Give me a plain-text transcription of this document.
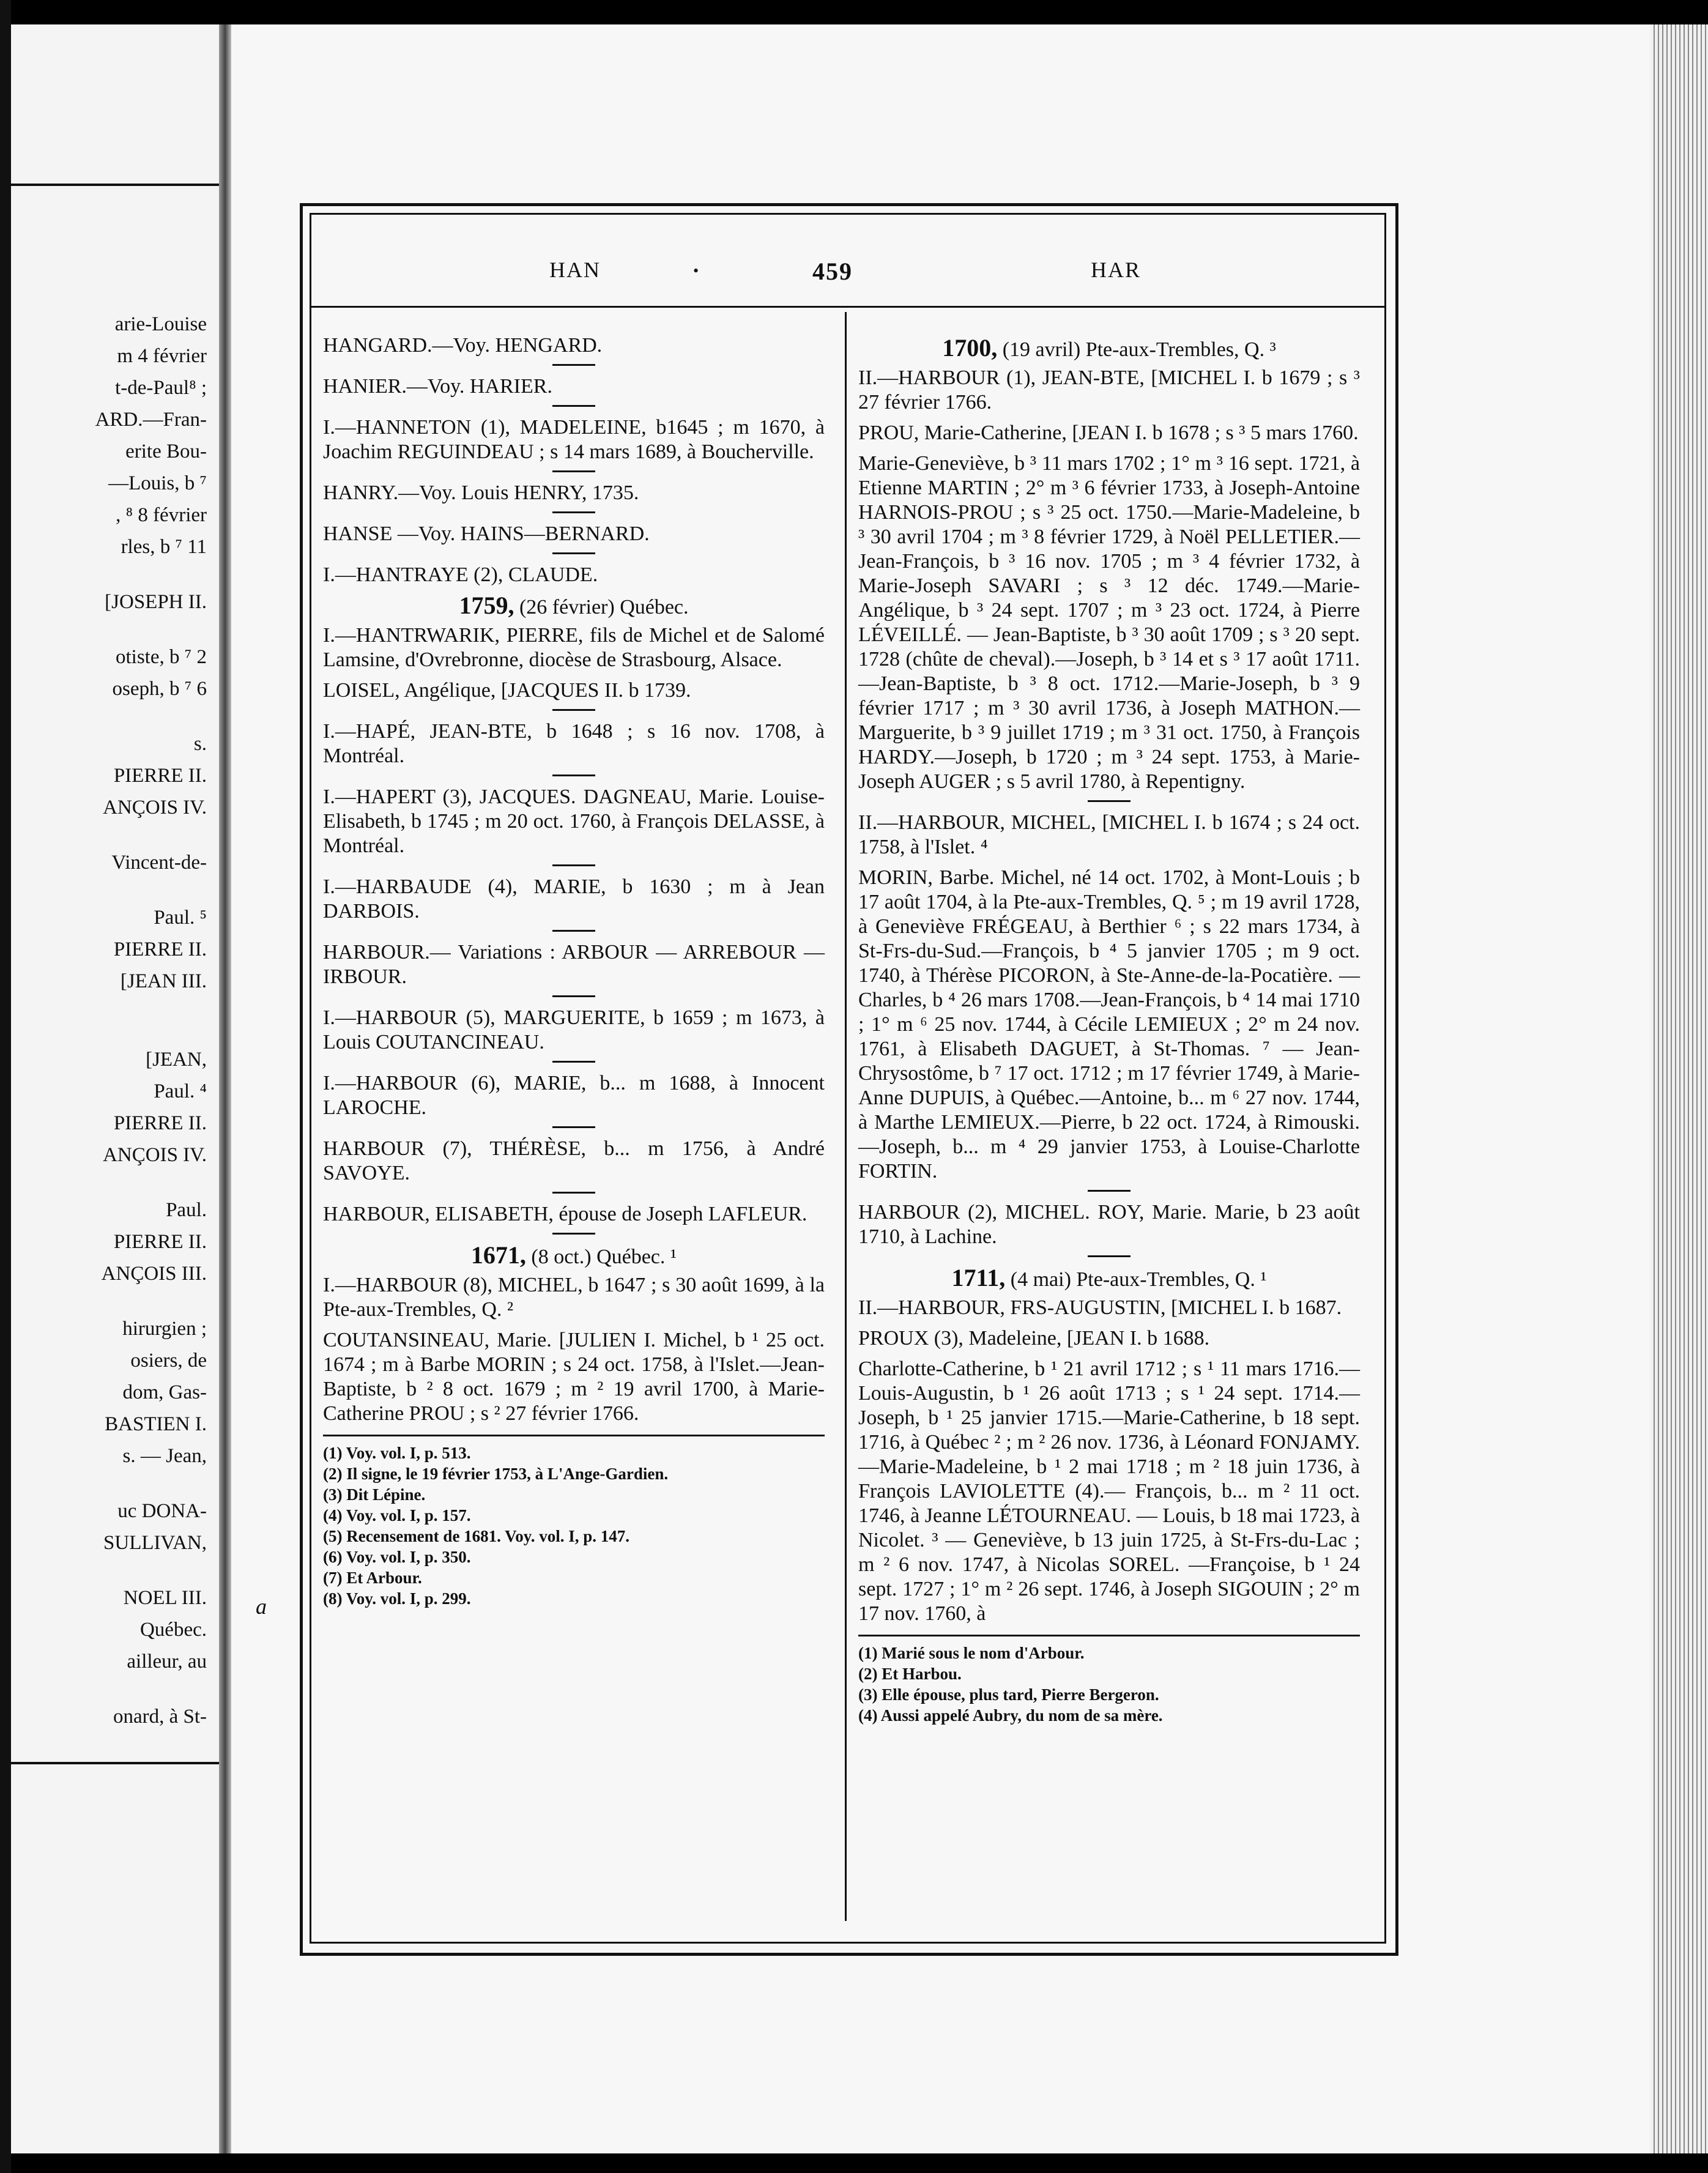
arie-Louise
m 4 février
t-de-Paul⁸ ;
ARD.—Fran-
erite Bou-
—Louis, b ⁷
, ⁸ 8 février
rles, b ⁷ 11
[JOSEPH II.
otiste, b ⁷ 2
oseph, b ⁷ 6
s.
PIERRE II.
ANÇOIS IV.
Vincent-de-
Paul. ⁵
PIERRE II.
[JEAN III.
[JEAN,
Paul. ⁴
PIERRE II.
ANÇOIS IV.
Paul.
PIERRE II.
ANÇOIS III.
hirurgien ;
osiers, de
dom, Gas-
BASTIEN I.
s. — Jean,
uc DONA-
SULLIVAN,
NOEL III.
Québec.
ailleur, au
onard, à St-
HAN	•	459	HAR

HANGARD.—Voy. HENGARD.

HANIER.—Voy. HARIER.

I.—HANNETON (1), MADELEINE, b1645 ; m 1670, à Joachim REGUINDEAU ; s 14 mars 1689, à Boucherville.

HANRY.—Voy. Louis HENRY, 1735.

HANSE —Voy. HAINS—BERNARD.

I.—HANTRAYE (2), CLAUDE.

1759, (26 février) Québec.

I.—HANTRWARIK, PIERRE, fils de Michel et de Salomé Lamsine, d'Ovrebronne, diocèse de Strasbourg, Alsace.

LOISEL, Angélique, [JACQUES II. b 1739.

I.—HAPÉ, JEAN-BTE, b 1648 ; s 16 nov. 1708, à Montréal.

I.—HAPERT (3), JACQUES. DAGNEAU, Marie. Louise-Elisabeth, b 1745 ; m 20 oct. 1760, à François DELASSE, à Montréal.

I.—HARBAUDE (4), MARIE, b 1630 ; m à Jean DARBOIS.

HARBOUR.— Variations : ARBOUR — ARREBOUR —IRBOUR.

I.—HARBOUR (5), MARGUERITE, b 1659 ; m 1673, à Louis COUTANCINEAU.

I.—HARBOUR (6), MARIE, b... m 1688, à Innocent LAROCHE.

HARBOUR (7), THÉRÈSE, b... m 1756, à André SAVOYE.

HARBOUR, ELISABETH, épouse de Joseph LAFLEUR.

1671, (8 oct.) Québec. ¹

I.—HARBOUR (8), MICHEL, b 1647 ; s 30 août 1699, à la Pte-aux-Trembles, Q. ²

COUTANSINEAU, Marie. [JULIEN I. Michel, b ¹ 25 oct. 1674 ; m à Barbe MORIN ; s 24 oct. 1758, à l'Islet.—Jean-Baptiste, b ² 8 oct. 1679 ; m ² 19 avril 1700, à Marie-Catherine PROU ; s ² 27 février 1766.

(1) Voy. vol. I, p. 513.

(2) Il signe, le 19 février 1753, à L'Ange-Gardien.

(3) Dit Lépine.

(4) Voy. vol. I, p. 157.

(5) Recensement de 1681. Voy. vol. I, p. 147.

(6) Voy. vol. I, p. 350.

(7) Et Arbour.

(8) Voy. vol. I, p. 299.

1700, (19 avril) Pte-aux-Trembles, Q. ³

II.—HARBOUR (1), JEAN-BTE, [MICHEL I. b 1679 ; s ³ 27 février 1766.

PROU, Marie-Catherine, [JEAN I. b 1678 ; s ³ 5 mars 1760.

Marie-Geneviève, b ³ 11 mars 1702 ; 1° m ³ 16 sept. 1721, à Etienne MARTIN ; 2° m ³ 6 février 1733, à Joseph-Antoine HARNOIS-PROU ; s ³ 25 oct. 1750.—Marie-Madeleine, b ³ 30 avril 1704 ; m ³ 8 février 1729, à Noël PELLETIER.—Jean-François, b ³ 16 nov. 1705 ; m ³ 4 février 1732, à Marie-Joseph SAVARI ; s ³ 12 déc. 1749.—Marie-Angélique, b ³ 24 sept. 1707 ; m ³ 23 oct. 1724, à Pierre LÉVEILLÉ. — Jean-Baptiste, b ³ 30 août 1709 ; s ³ 20 sept. 1728 (chûte de cheval).—Joseph, b ³ 14 et s ³ 17 août 1711.—Jean-Baptiste, b ³ 8 oct. 1712.—Marie-Joseph, b ³ 9 février 1717 ; m ³ 30 avril 1736, à Joseph MATHON.—Marguerite, b ³ 9 juillet 1719 ; m ³ 31 oct. 1750, à François HARDY.—Joseph, b 1720 ; m ³ 24 sept. 1753, à Marie-Joseph AUGER ; s 5 avril 1780, à Repentigny.

II.—HARBOUR, MICHEL, [MICHEL I. b 1674 ; s 24 oct. 1758, à l'Islet. ⁴

MORIN, Barbe. Michel, né 14 oct. 1702, à Mont-Louis ; b 17 août 1704, à la Pte-aux-Trembles, Q. ⁵ ; m 19 avril 1728, à Geneviève FRÉGEAU, à Berthier ⁶ ; s 22 mars 1734, à St-Frs-du-Sud.—François, b ⁴ 5 janvier 1705 ; m 9 oct. 1740, à Thérèse PICORON, à Ste-Anne-de-la-Pocatière. — Charles, b ⁴ 26 mars 1708.—Jean-François, b ⁴ 14 mai 1710 ; 1° m ⁶ 25 nov. 1744, à Cécile LEMIEUX ; 2° m 24 nov. 1761, à Elisabeth DAGUET, à St-Thomas. ⁷ — Jean-Chrysostôme, b ⁷ 17 oct. 1712 ; m 17 février 1749, à Marie-Anne DUPUIS, à Québec.—Antoine, b... m ⁶ 27 nov. 1744, à Marthe LEMIEUX.—Pierre, b 22 oct. 1724, à Rimouski.—Joseph, b... m ⁴ 29 janvier 1753, à Louise-Charlotte FORTIN.

HARBOUR (2), MICHEL. ROY, Marie. Marie, b 23 août 1710, à Lachine.

1711, (4 mai) Pte-aux-Trembles, Q. ¹

II.—HARBOUR, FRS-AUGUSTIN, [MICHEL I. b 1687.

PROUX (3), Madeleine, [JEAN I. b 1688.

Charlotte-Catherine, b ¹ 21 avril 1712 ; s ¹ 11 mars 1716.—Louis-Augustin, b ¹ 26 août 1713 ; s ¹ 24 sept. 1714.—Joseph, b ¹ 25 janvier 1715.—Marie-Catherine, b 18 sept. 1716, à Québec ² ; m ² 26 nov. 1736, à Léonard FONJAMY.—Marie-Madeleine, b ¹ 2 mai 1718 ; m ² 18 juin 1736, à François LAVIOLETTE (4).— François, b... m ² 11 oct. 1746, à Jeanne LÉTOURNEAU. — Louis, b 18 mai 1723, à Nicolet. ³ — Geneviève, b 13 juin 1725, à St-Frs-du-Lac ; m ² 6 nov. 1747, à Nicolas SOREL. —Françoise, b ¹ 24 sept. 1727 ; 1° m ² 26 sept. 1746, à Joseph SIGOUIN ; 2° m 17 nov. 1760, à

(1) Marié sous le nom d'Arbour.

(2) Et Harbou.

(3) Elle épouse, plus tard, Pierre Bergeron.

(4) Aussi appelé Aubry, du nom de sa mère.

a
